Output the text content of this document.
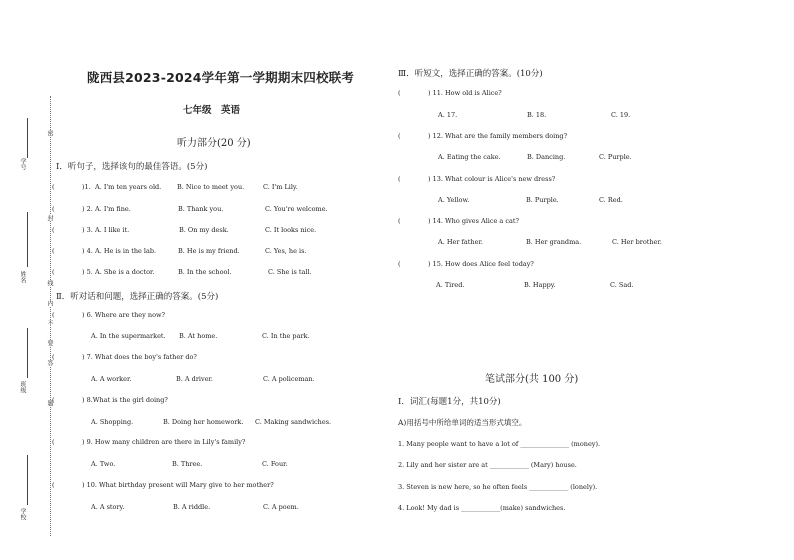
学号
姓名
班级
学校
密
封
线
内
不
要
答
题
陇西县2023-2024学年第一学期期末四校联考
七年级　英语
听力部分(20 分)
Ⅰ．听句子，选择该句的最佳答语。(5分)
(	)1. A. I'm ten years old. B. Nice to meet you.	C. I'm Lily.
(	) 2. A. I'm fine.	B. Thank you.	C. You're welcome.
(	) 3. A. I like it.	B. On my desk.	C. It looks nice.
(	) 4. A. He is in the lab.	B. He is my friend.	C. Yes, he is.
(	) 5. A. She is a doctor.	B. In the school.	C. She is tall.
Ⅱ．听对话和问题，选择正确的答案。(5分)
(	) 6. Where are they now?
A. In the supermarket. B. At home.	C. In the park.
(	) 7. What does the boy's father do?
A. A worker.	B. A driver.	C. A policeman.
(	) 8.What is the girl doing?
A. Shopping.	B. Doing her homework. C. Making sandwiches.
(	) 9. How many children are there in Lily's family?
A. Two.	B. Three.	C. Four.
(	) 10. What birthday present will Mary give to her mother?
A. A story.	B. A riddle.	C. A poem.
Ⅲ．听短文，选择正确的答案。(10分)
(	) 11. How old is Alice?
A. 17.	B. 18.	C. 19.
(	) 12. What are the family members doing?
A. Eating the cake.	B. Dancing.	C. Purple.
(	) 13. What colour is Alice's new dress?
A. Yellow.	B. Purple.	C. Red.
(	) 14. Who gives Alice a cat?
A. Her father.	B. Her grandma.	C. Her brother.
(	) 15. How does Alice feel today?
A. Tired.	B. Happy.	C. Sad.
笔试部分(共 100 分)
Ⅰ．词汇(每题1分，共10分)
A)用括号中所给单词的适当形式填空。
1. Many people want to have a lot of _______________ (money).
2. Lily and her sister are at ____________ (Mary) house.
3. Steven is new here, so he often feels ____________ (lonely).
4. Look! My dad is ____________(make) sandwiches.
